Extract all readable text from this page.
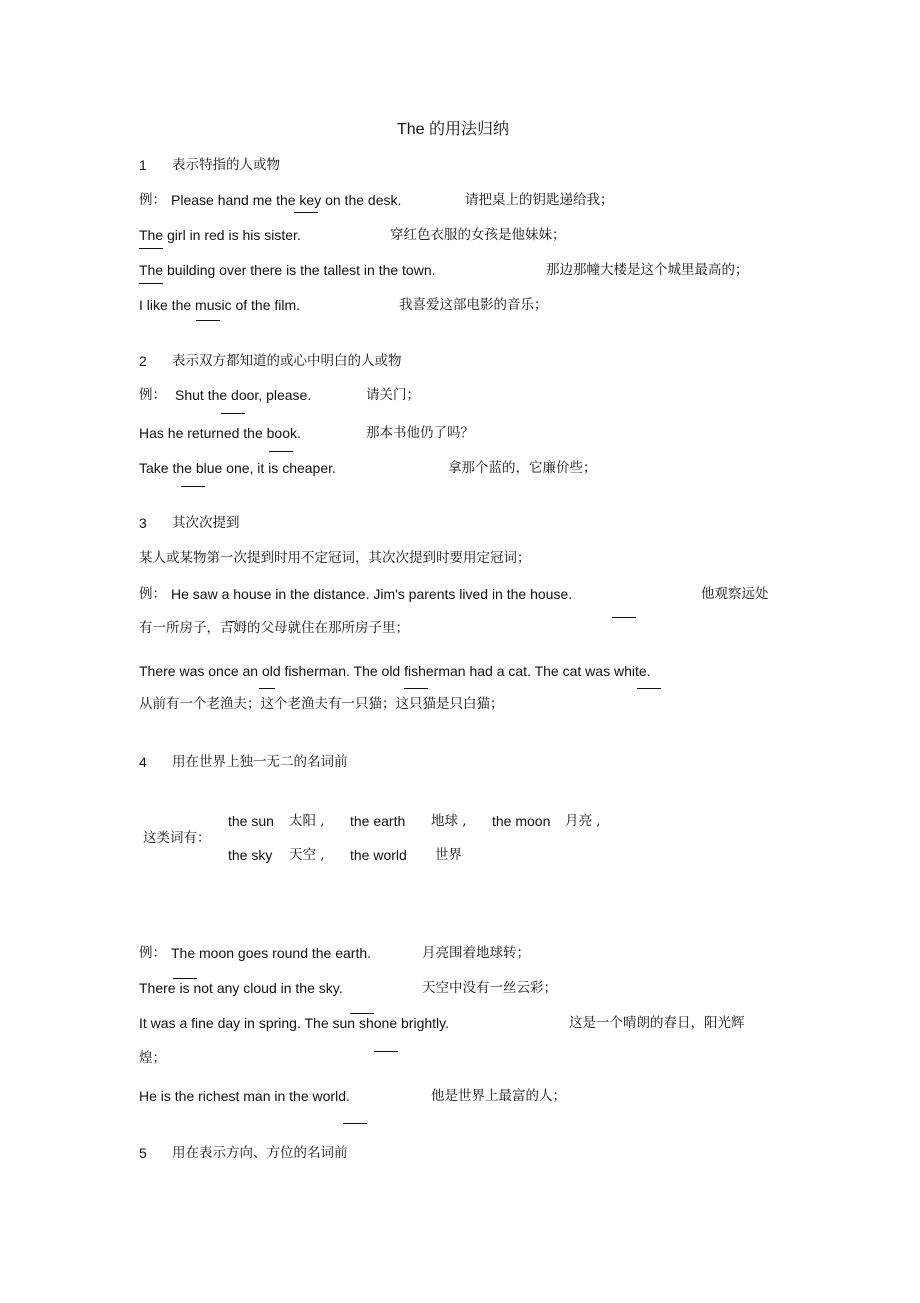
The 的用法归纳
1 表示特指的人或物
例： Please hand me the key on the desk.	请把桌上的钥匙递给我；
The girl in red is his sister.	穿红色衣服的女孩是他妹妹；
The building over there is the tallest in the town.	那边那幢大楼是这个城里最高的；
I like the music of the film.	我喜爱这部电影的音乐；
2 表示双方都知道的或心中明白的人或物
例： Shut the door, please.	请关门；
Has he returned the book.	那本书他仍了吗？
Take the blue one, it is cheaper.	拿那个蓝的，它廉价些；
3 其次次提到
某人或某物第一次提到时用不定冠词，其次次提到时要用定冠词；
例： He saw a house in the distance. Jim's parents lived in the house.	他观察远处
有一所房子，吉姆的父母就住在那所房子里；
There was once an old fisherman. The old fisherman had a cat. The cat was white.
从前有一个老渔夫；这个老渔夫有一只猫；这只猫是只白猫；
4 用在世界上独一无二的名词前
这类词有：
the sun 太阳 , the earth 地球 , the moon 月亮 ,
the sky 天空 , the world 世界
例： The moon goes round the earth.	月亮围着地球转；
There is not any cloud in the sky.	天空中没有一丝云彩；
It was a fine day in spring. The sun shone brightly.	这是一个晴朗的春日，阳光辉
煌；
He is the richest man in the world.	他是世界上最富的人；
5 用在表示方向、方位的名词前
